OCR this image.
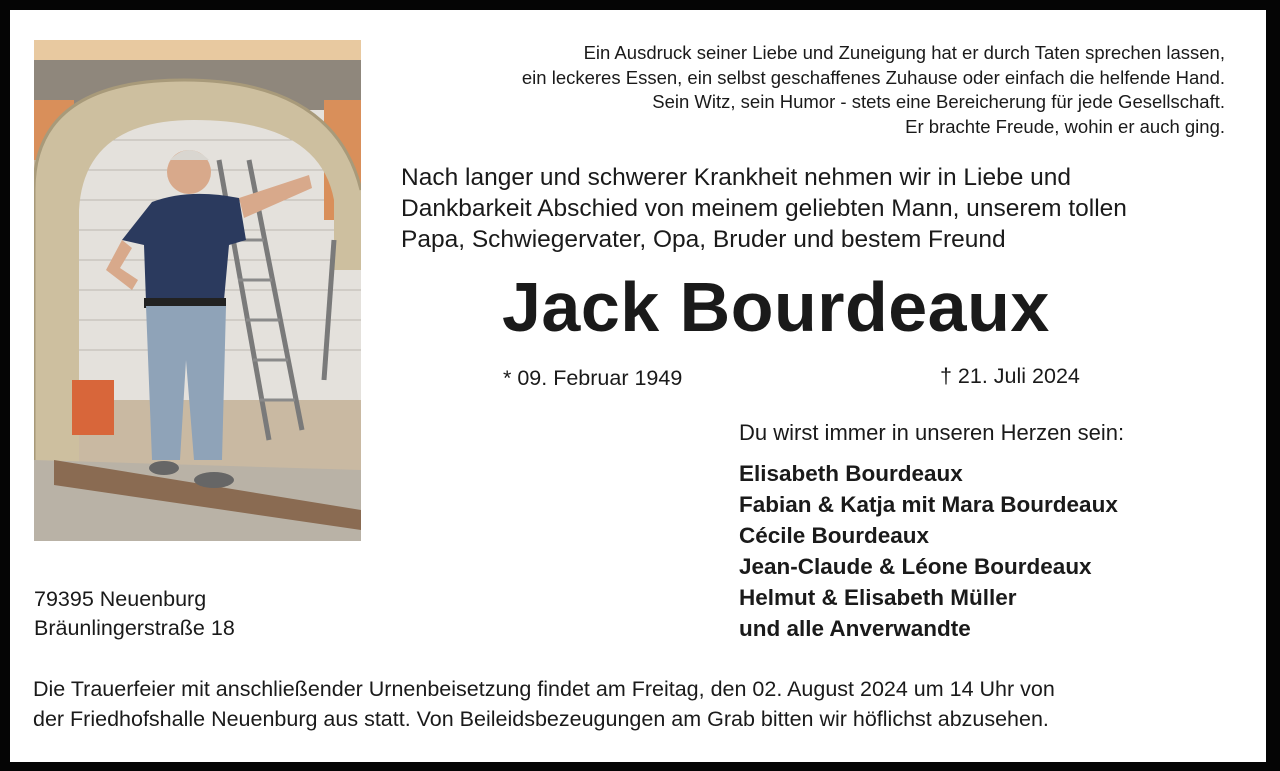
Ein Ausdruck seiner Liebe und Zuneigung hat er durch Taten sprechen lassen,
ein leckeres Essen, ein selbst geschaffenes Zuhause oder einfach die helfende Hand.
Sein Witz, sein Humor - stets eine Bereicherung für jede Gesellschaft.
Er brachte Freude, wohin er auch ging.
Nach langer und schwerer Krankheit nehmen wir in Liebe und
Dankbarkeit Abschied von meinem geliebten Mann, unserem tollen
Papa, Schwiegervater, Opa, Bruder und bestem Freund
Jack Bourdeaux
* 09. Februar 1949	† 21. Juli 2024
Du wirst immer in unseren Herzen sein:
Elisabeth Bourdeaux
Fabian & Katja mit Mara Bourdeaux
Cécile Bourdeaux
Jean-Claude & Léone Bourdeaux
Helmut & Elisabeth Müller
und alle Anverwandte
79395 Neuenburg
Bräunlingerstraße 18
Die Trauerfeier mit anschließender Urnenbeisetzung findet am Freitag, den 02. August 2024 um 14 Uhr von
der Friedhofshalle Neuenburg aus statt. Von Beileidsbezeugungen am Grab bitten wir höflichst abzusehen.
